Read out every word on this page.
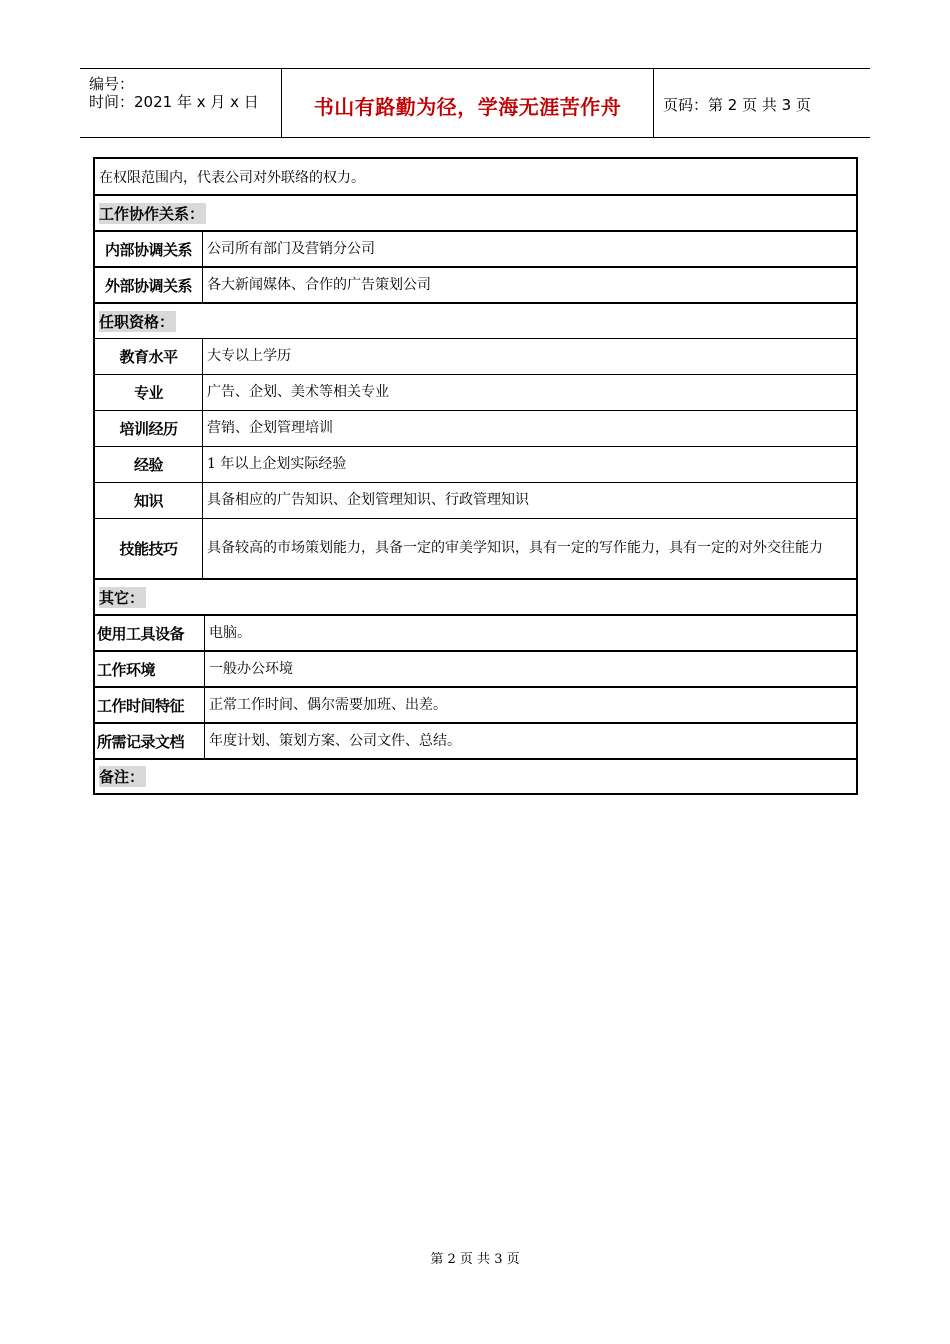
编号：
时间：2021 年 x 月 x 日	书山有路勤为径，学海无涯苦作舟	页码：第 2 页 共 3 页
在权限范围内，代表公司对外联络的权力。
工作协作关系：
内部协调关系	公司所有部门及营销分公司
外部协调关系	各大新闻媒体、合作的广告策划公司
任职资格：
教育水平	大专以上学历
专业	广告、企划、美术等相关专业
培训经历	营销、企划管理培训
经验	1 年以上企划实际经验
知识	具备相应的广告知识、企划管理知识、行政管理知识
技能技巧	具备较高的市场策划能力，具备一定的审美学知识，具有一定的写作能力，具有一定的对外交往能力
其它：
使用工具设备	电脑。
工作环境	一般办公环境
工作时间特征	正常工作时间、偶尔需要加班、出差。
所需记录文档	年度计划、策划方案、公司文件、总结。
备注：
第 2 页 共 3 页
